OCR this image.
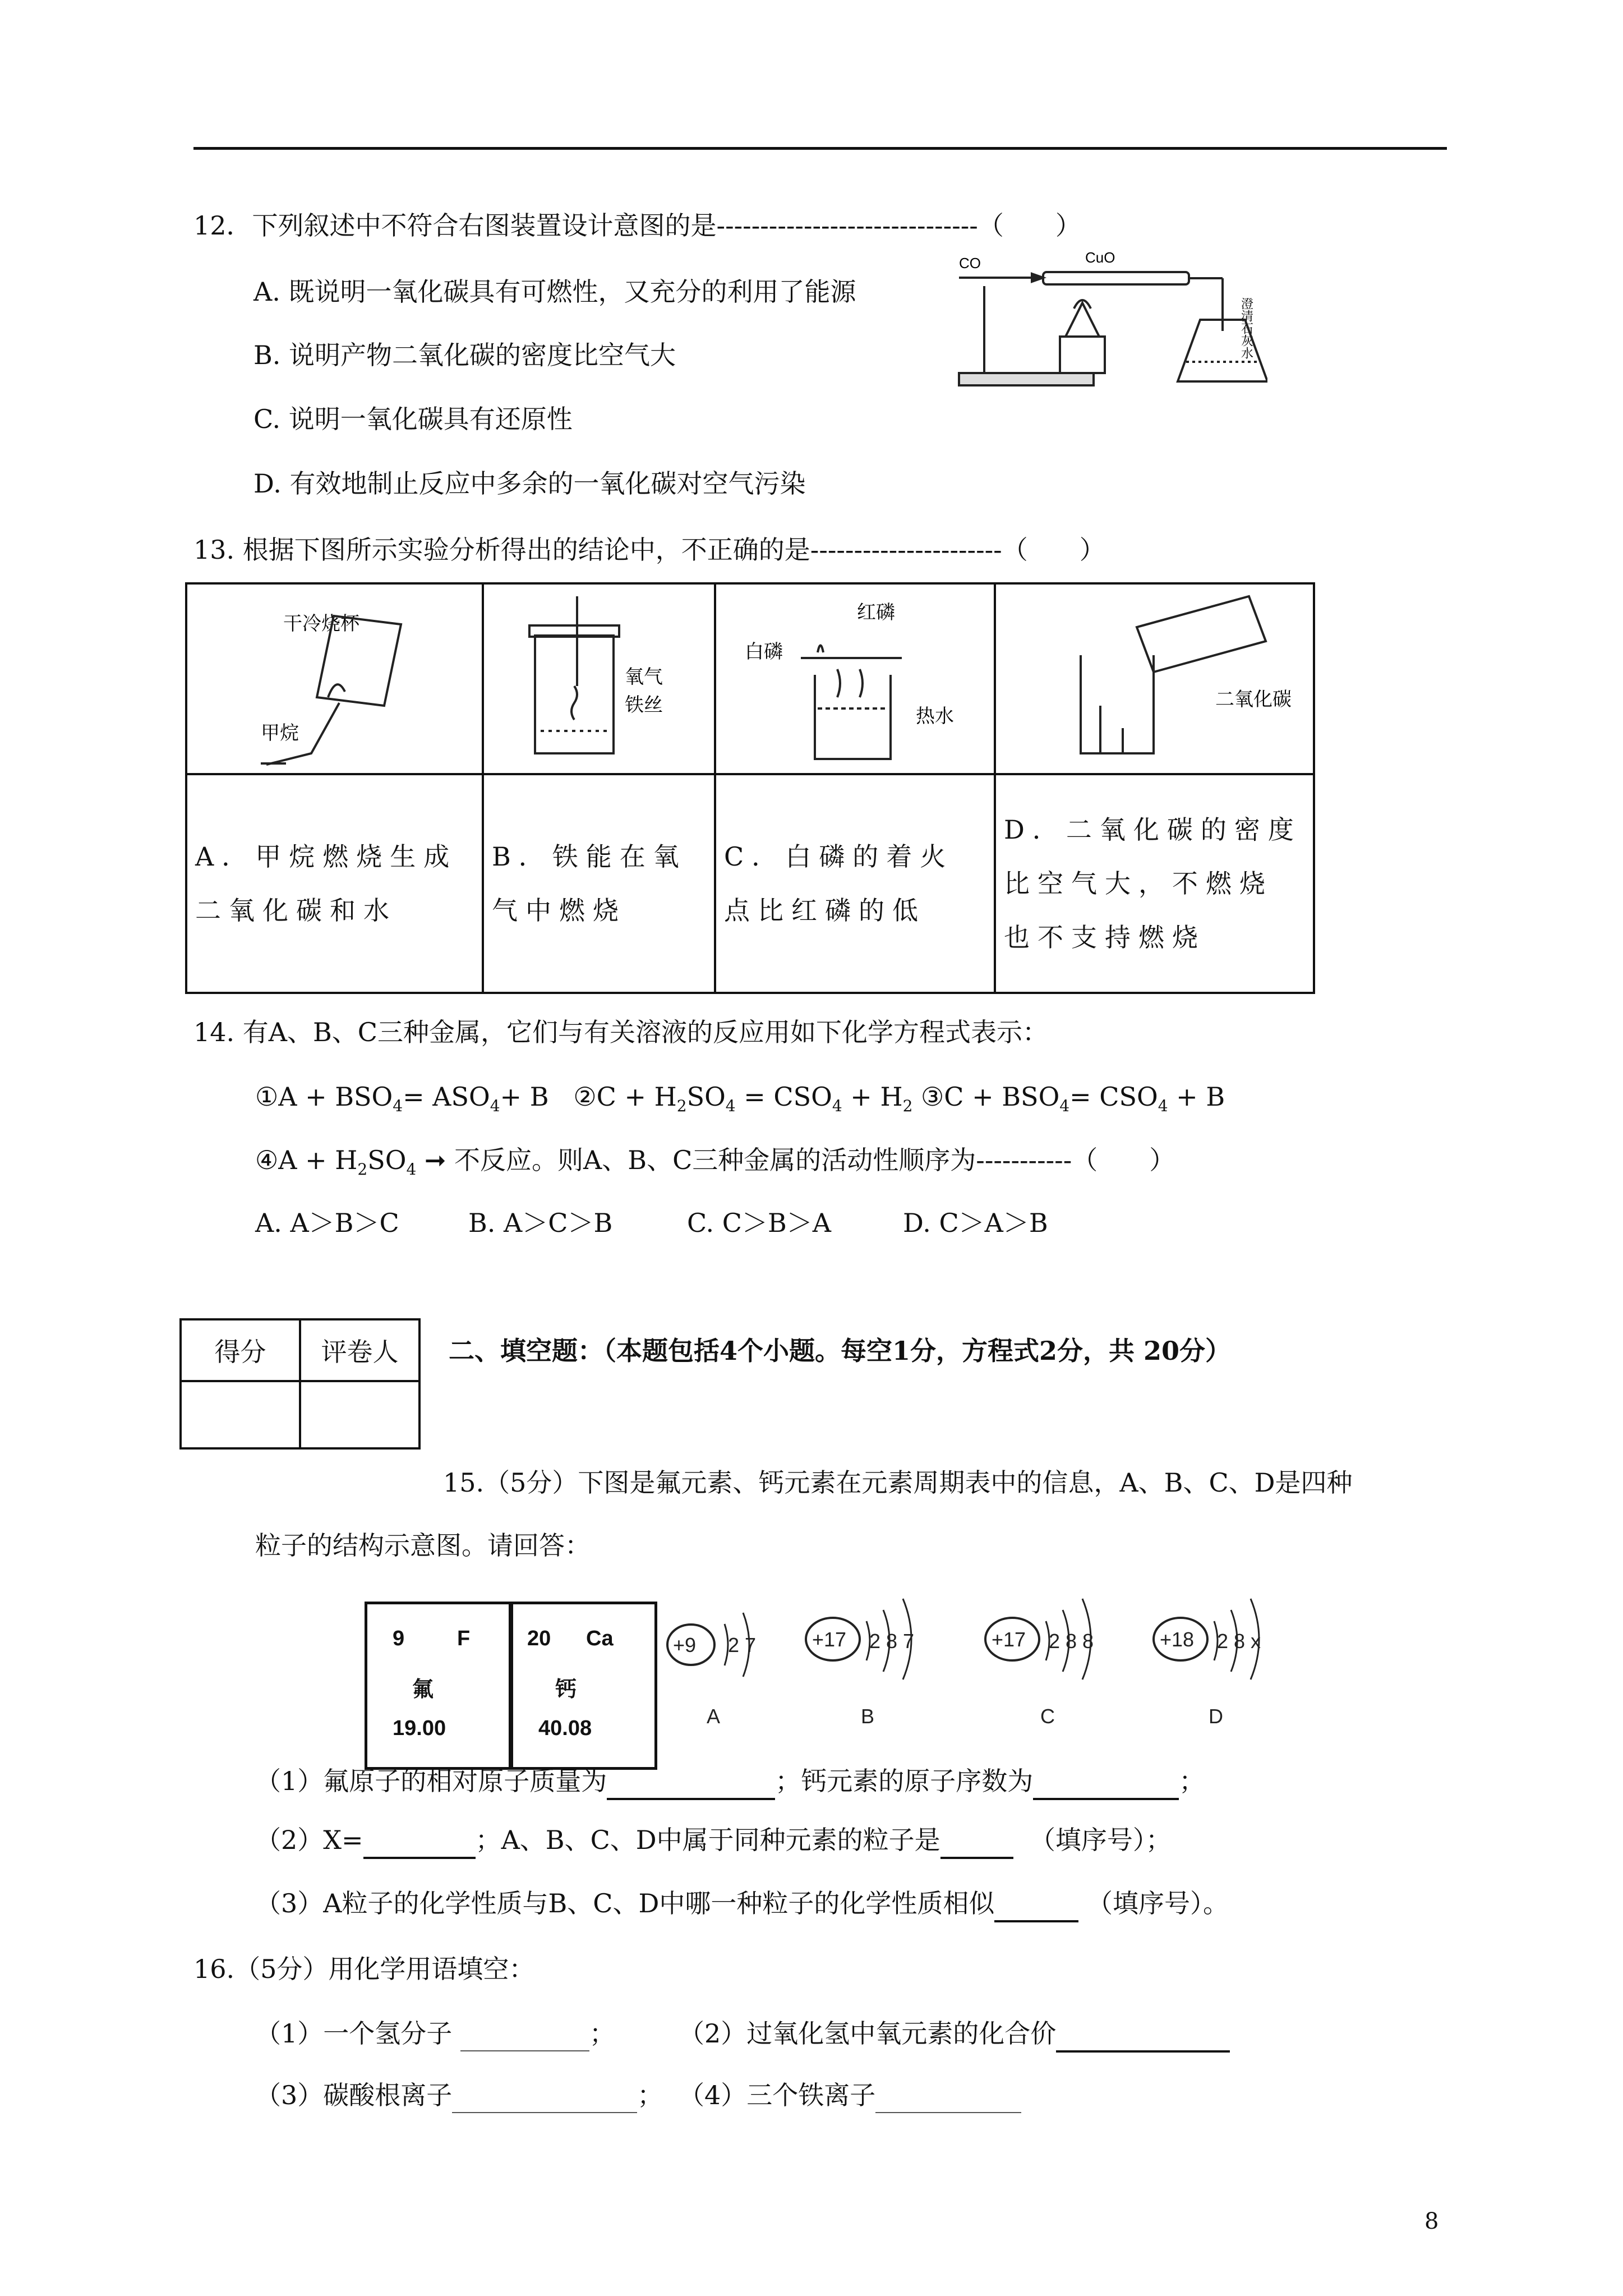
12．下列叙述中不符合右图装置设计意图的是------------------------------（　　）
A. 既说明一氧化碳具有可燃性，又充分的利用了能源
B. 说明产物二氧化碳的密度比空气大
C. 说明一氧化碳具有还原性
D. 有效地制止反应中多余的一氧化碳对空气污染
CO	CuO
澄清石灰水
13. 根据下图所示实验分析得出的结论中，不正确的是----------------------（　　）
干冷烧杯
甲烷	氧气
铁丝	红磷
白磷
热水	二氧化碳

A．甲烷燃烧生成二氧化碳和水	B．铁能在氧气中燃烧	C．白磷的着火点比红磷的低	D．二氧化碳的密度比空气大，不燃烧也不支持燃烧
14. 有A、B、C三种金属，它们与有关溶液的反应用如下化学方程式表示：
①A + $BSO_4= ASO_4+ B$ ②C + $H_2SO_4 = CSO_4 + H_2$ ③C + $BSO_4= CSO_4 + B$
④A + $H_2SO_4$ ➞ 不反应。则A、B、C三种金属的活动性顺序为-----------（　　）
A. A＞B＞C	B. A＞C＞B	C. C＞B＞A	D. C＞A＞B
得分	评卷人
	二、填空题：（本题包括4个小题。每空1分，方程式2分，共 20分）
15.（5分）下图是氟元素、钙元素在元素周期表中的信息，A、B、C、D是四种
粒子的结构示意图。请回答：
9 F
氟
19.00
20 Ca
钙
40.08
+9 2 7
A
+17 2 8 7
B
+17 2 8 8
C
+18 2 8 x
D
（1）氟原子的相对原子质量为	；钙元素的原子序数为	；
（2）X=	；A、B、C、D中属于同种元素的粒子是	（填序号）；
（3）A粒子的化学性质与B、C、D中哪一种粒子的化学性质相似	（填序号）。
16.（5分）用化学用语填空：
（1）一个氢分子	； （2）过氧化氢中氧元素的化合价
（3）碳酸根离子	； （4）三个铁离子
8
